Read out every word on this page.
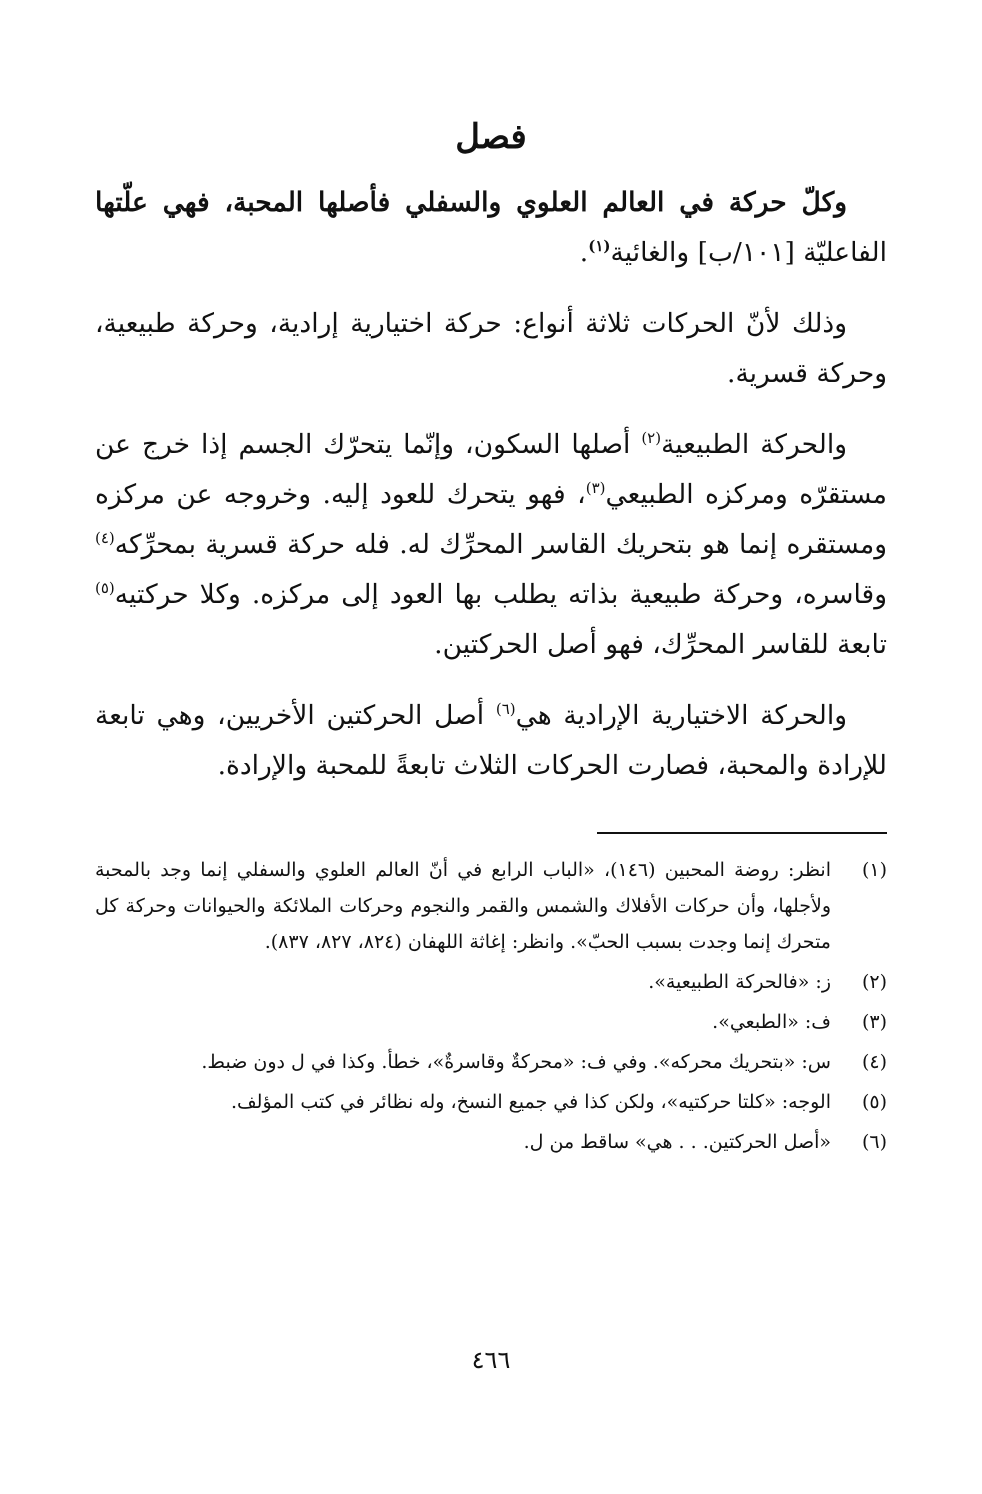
فصل

وكلّ حركة في العالم العلوي والسفلي فأصلها المحبة، فهي علّتها الفاعليّة [١٠١/ب] والغائية$^{(١)}$.

وذلك لأنّ الحركات ثلاثة أنواع: حركة اختيارية إرادية، وحركة طبيعية، وحركة قسرية.

والحركة الطبيعية$^{(٢)}$ أصلها السكون، وإنّما يتحرّك الجسم إذا خرج عن مستقرّه ومركزه الطبيعي$^{(٣)}$، فهو يتحرك للعود إليه. وخروجه عن مركزه ومستقره إنما هو بتحريك القاسر المحرِّك له. فله حركة قسرية بمحرِّكه$^{(٤)}$ وقاسره، وحركة طبيعية بذاته يطلب بها العود إلى مركزه. وكلا حركتيه$^{(٥)}$ تابعة للقاسر المحرِّك، فهو أصل الحركتين.

والحركة الاختيارية الإرادية هي$^{(٦)}$ أصل الحركتين الأخريين، وهي تابعة للإرادة والمحبة، فصارت الحركات الثلاث تابعةً للمحبة والإرادة.

(١)
انظر: روضة المحبين (١٤٦)، «الباب الرابع في أنّ العالم العلوي والسفلي إنما وجد بالمحبة ولأجلها، وأن حركات الأفلاك والشمس والقمر والنجوم وحركات الملائكة والحيوانات وحركة كل متحرك إنما وجدت بسبب الحبّ». وانظر: إغاثة اللهفان (٨٢٤، ٨٢٧، ٨٣٧).
(٢)
ز: «فالحركة الطبيعية».
(٣)
ف: «الطبعي».
(٤)
س: «بتحريك محركه». وفي ف: «محركةٌ وقاسرةٌ»، خطأ. وكذا في ل دون ضبط.
(٥)
الوجه: «كلتا حركتيه»، ولكن كذا في جميع النسخ، وله نظائر في كتب المؤلف.
(٦)
«أصل الحركتين. . . هي» ساقط من ل.
٤٦٦
